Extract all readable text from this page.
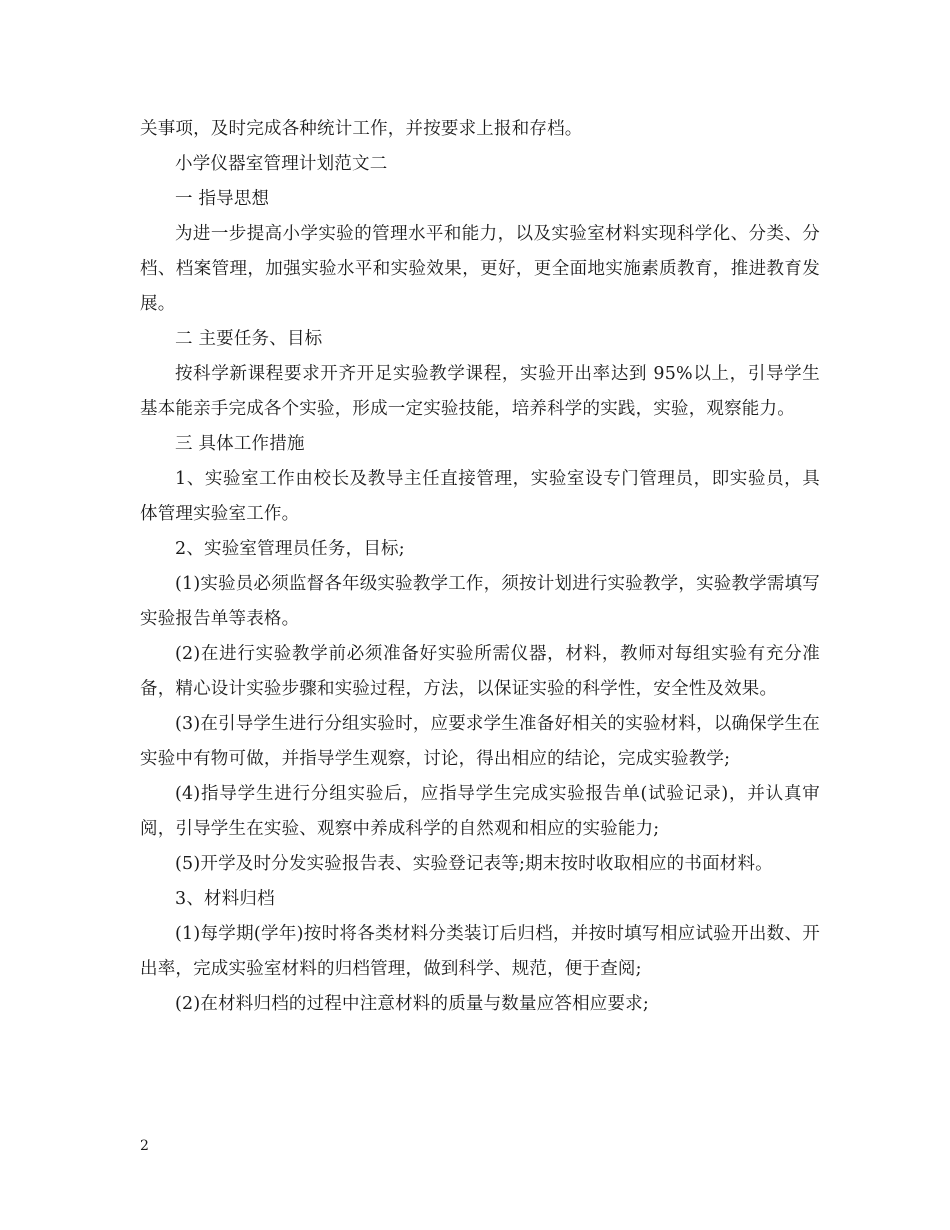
关事项，及时完成各种统计工作，并按要求上报和存档。

小学仪器室管理计划范文二

一 指导思想

为进一步提高小学实验的管理水平和能力，以及实验室材料实现科学化、分类、分档、档案管理，加强实验水平和实验效果，更好，更全面地实施素质教育，推进教育发展。

二 主要任务、目标

按科学新课程要求开齐开足实验教学课程，实验开出率达到 95%以上，引导学生基本能亲手完成各个实验，形成一定实验技能，培养科学的实践，实验，观察能力。

三 具体工作措施

1、实验室工作由校长及教导主任直接管理，实验室设专门管理员，即实验员，具体管理实验室工作。

2、实验室管理员任务，目标;

(1)实验员必须监督各年级实验教学工作，须按计划进行实验教学，实验教学需填写实验报告单等表格。

(2)在进行实验教学前必须准备好实验所需仪器，材料，教师对每组实验有充分准备，精心设计实验步骤和实验过程，方法，以保证实验的科学性，安全性及效果。

(3)在引导学生进行分组实验时，应要求学生准备好相关的实验材料，以确保学生在实验中有物可做，并指导学生观察，讨论，得出相应的结论，完成实验教学;

(4)指导学生进行分组实验后，应指导学生完成实验报告单(试验记录)，并认真审阅，引导学生在实验、观察中养成科学的自然观和相应的实验能力;

(5)开学及时分发实验报告表、实验登记表等;期末按时收取相应的书面材料。

3、材料归档

(1)每学期(学年)按时将各类材料分类装订后归档，并按时填写相应试验开出数、开出率，完成实验室材料的归档管理，做到科学、规范，便于查阅;

(2)在材料归档的过程中注意材料的质量与数量应答相应要求;

2
